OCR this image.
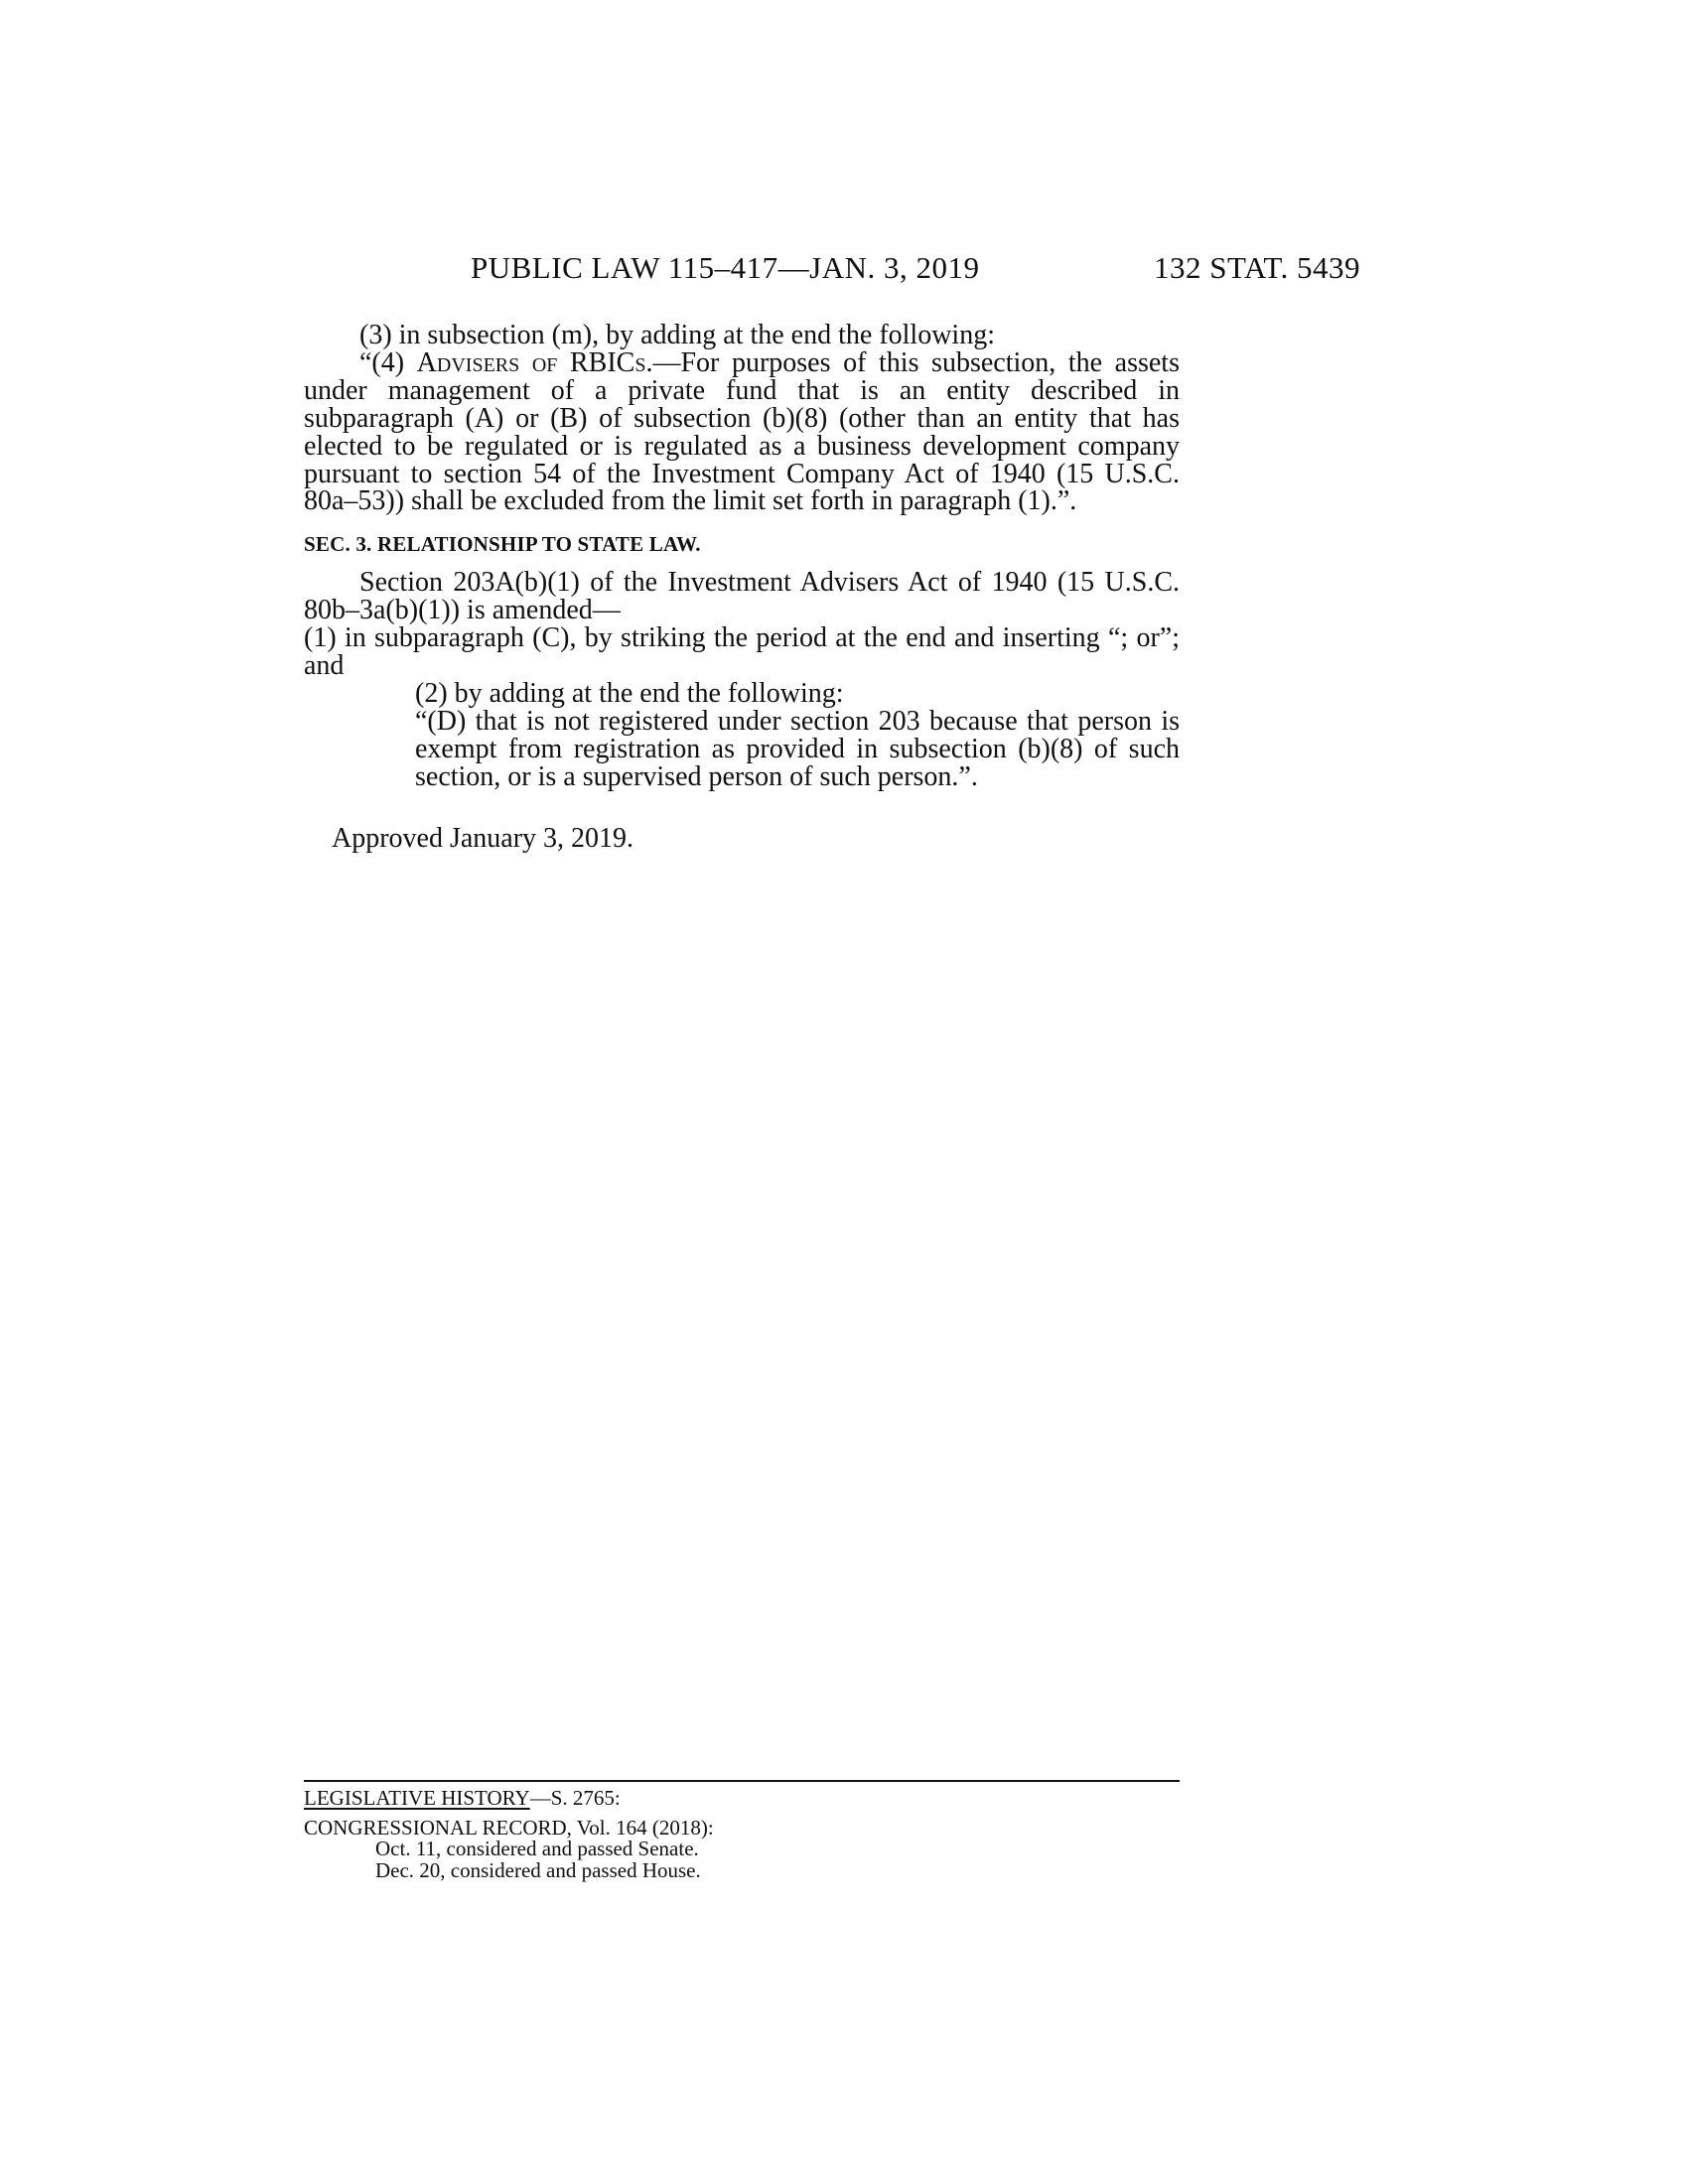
PUBLIC LAW 115–417—JAN. 3, 2019	132 STAT. 5439

(3) in subsection (m), by adding at the end the following:

“(4) Advisers of RBICs.—For purposes of this subsection, the assets under management of a private fund that is an entity described in subparagraph (A) or (B) of subsection (b)(8) (other than an entity that has elected to be regulated or is regulated as a business development company pursuant to section 54 of the Investment Company Act of 1940 (15 U.S.C. 80a–53)) shall be excluded from the limit set forth in paragraph (1).”.

SEC. 3. RELATIONSHIP TO STATE LAW.

Section 203A(b)(1) of the Investment Advisers Act of 1940 (15 U.S.C. 80b–3a(b)(1)) is amended—

(1) in subparagraph (C), by striking the period at the end and inserting “; or”; and

(2) by adding at the end the following:

“(D) that is not registered under section 203 because that person is exempt from registration as provided in subsection (b)(8) of such section, or is a supervised person of such person.”.

Approved January 3, 2019.

LEGISLATIVE HISTORY—S. 2765:
CONGRESSIONAL RECORD, Vol. 164 (2018):
Oct. 11, considered and passed Senate.
Dec. 20, considered and passed House.
